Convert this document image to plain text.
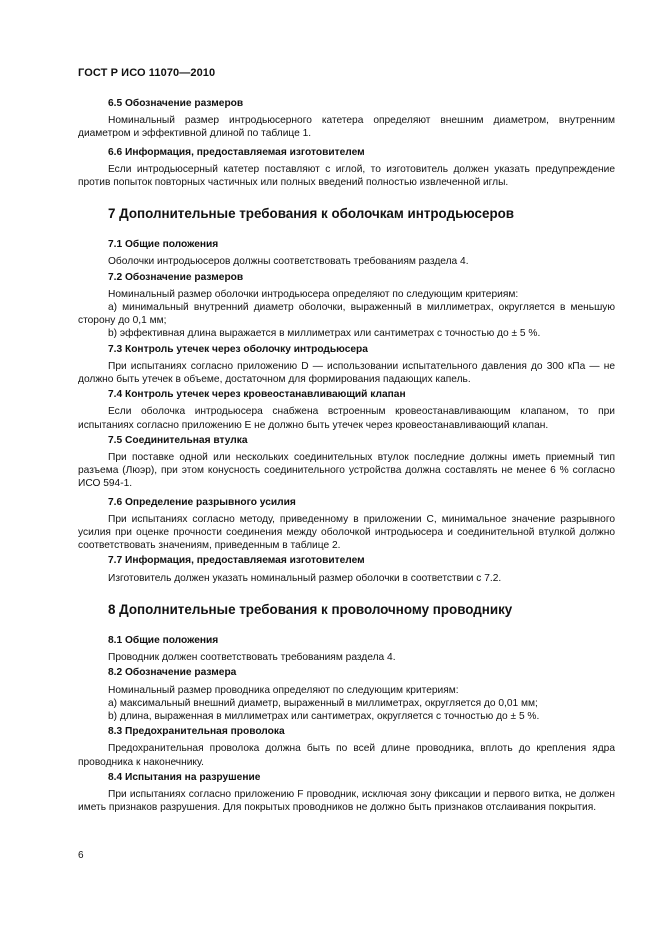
ГОСТ Р ИСО 11070—2010
6.5 Обозначение размеров

Номинальный размер интродьюсерного катетера определяют внешним диаметром, внутренним диаметром и эффективной длиной по таблице 1.

6.6 Информация, предоставляемая изготовителем

Если интродьюсерный катетер поставляют с иглой, то изготовитель должен указать предупреждение против попыток повторных частичных или полных введений полностью извлеченной иглы.

7 Дополнительные требования к оболочкам интродьюсеров
7.1 Общие положения

Оболочки интродьюсеров должны соответствовать требованиям раздела 4.

7.2 Обозначение размеров

Номинальный размер оболочки интродьюсера определяют по следующим критериям:

а) минимальный внутренний диаметр оболочки, выраженный в миллиметрах, округляется в меньшую сторону до 0,1 мм;

b) эффективная длина выражается в миллиметрах или сантиметрах с точностью до ± 5 %.

7.3 Контроль утечек через оболочку интродьюсера

При испытаниях согласно приложению D — использовании испытательного давления до 300 кПа — не должно быть утечек в объеме, достаточном для формирования падающих капель.

7.4 Контроль утечек через кровеостанавливающий клапан

Если оболочка интродьюсера снабжена встроенным кровеостанавливающим клапаном, то при испытаниях согласно приложению Е не должно быть утечек через кровеостанавливающий клапан.

7.5 Соединительная втулка

При поставке одной или нескольких соединительных втулок последние должны иметь приемный тип разъема (Люэр), при этом конусность соединительного устройства должна составлять не менее 6 % согласно ИСО 594-1.

7.6 Определение разрывного усилия

При испытаниях согласно методу, приведенному в приложении С, минимальное значение разрывного усилия при оценке прочности соединения между оболочкой интродьюсера и соединительной втулкой должно соответствовать значениям, приведенным в таблице 2.

7.7 Информация, предоставляемая изготовителем

Изготовитель должен указать номинальный размер оболочки в соответствии с 7.2.

8 Дополнительные требования к проволочному проводнику
8.1 Общие положения

Проводник должен соответствовать требованиям раздела 4.

8.2 Обозначение размера

Номинальный размер проводника определяют по следующим критериям:

а) максимальный внешний диаметр, выраженный в миллиметрах, округляется до 0,01 мм;

b) длина, выраженная в миллиметрах или сантиметрах, округляется с точностью до ± 5 %.

8.3 Предохранительная проволока

Предохранительная проволока должна быть по всей длине проводника, вплоть до крепления ядра проводника к наконечнику.

8.4 Испытания на разрушение

При испытаниях согласно приложению F проводник, исключая зону фиксации и первого витка, не должен иметь признаков разрушения. Для покрытых проводников не должно быть признаков отслаивания покрытия.

6
